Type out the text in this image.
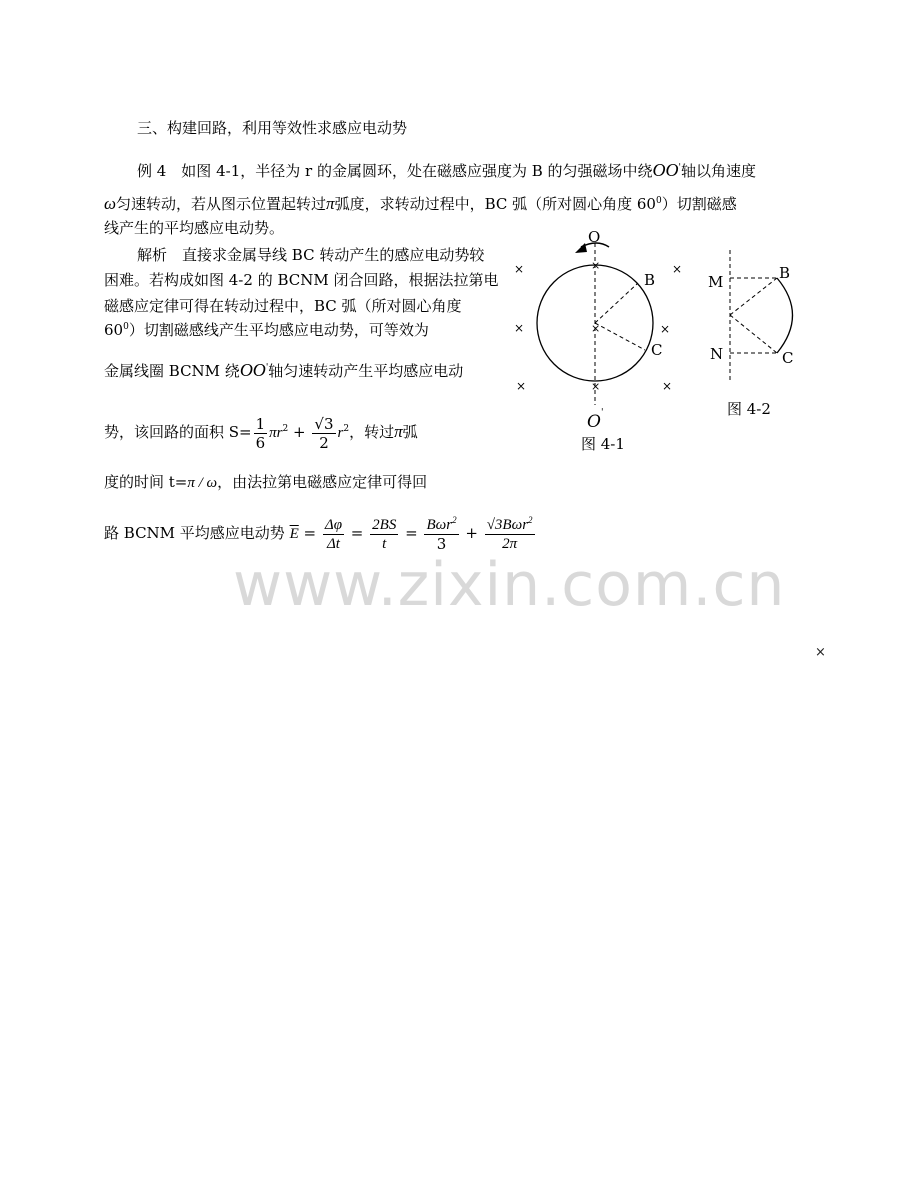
三、构建回路，利用等效性求感应电动势
例 4　如图 4-1，半径为 r 的金属圆环，处在磁感应强度为 B 的匀强磁场中绕OO'轴以角速度
ω匀速转动，若从图示位置起转过π弧度，求转动过程中，BC 弧（所对圆心角度 $60^0$）切割磁感
线产生的平均感应电动势。
解析　直接求金属导线 BC 转动产生的感应电动势较
困难。若构成如图 4-2 的 BCNM 闭合回路，根据法拉第电
磁感应定律可得在转动过程中，BC 弧（所对圆心角度
$60^0$）切割磁感线产生平均感应电动势，可等效为
金属线圈 BCNM 绕OO'轴匀速转动产生平均感应电动
势，该回路的面积 $S= \frac{1}{6} \pi r^2 + \frac{√3}{2} r^2$，转过π弧
度的时间 t=π / ω，由法拉第电磁感应定律可得回
路 BCNM 平均感应电动势 $\overline{E} = \frac{\Delta\varphi}{\Delta t} = \frac{2BS}{t} = \frac{B\omega r^2}{3} + \frac{√3B\omega r^2}{2\pi}$
×	×
×	×
×	×
×
×
×
O
B
C
O '
图 4-1
M
N
B
C
图 4-2
www.zixin.com.cn
×
